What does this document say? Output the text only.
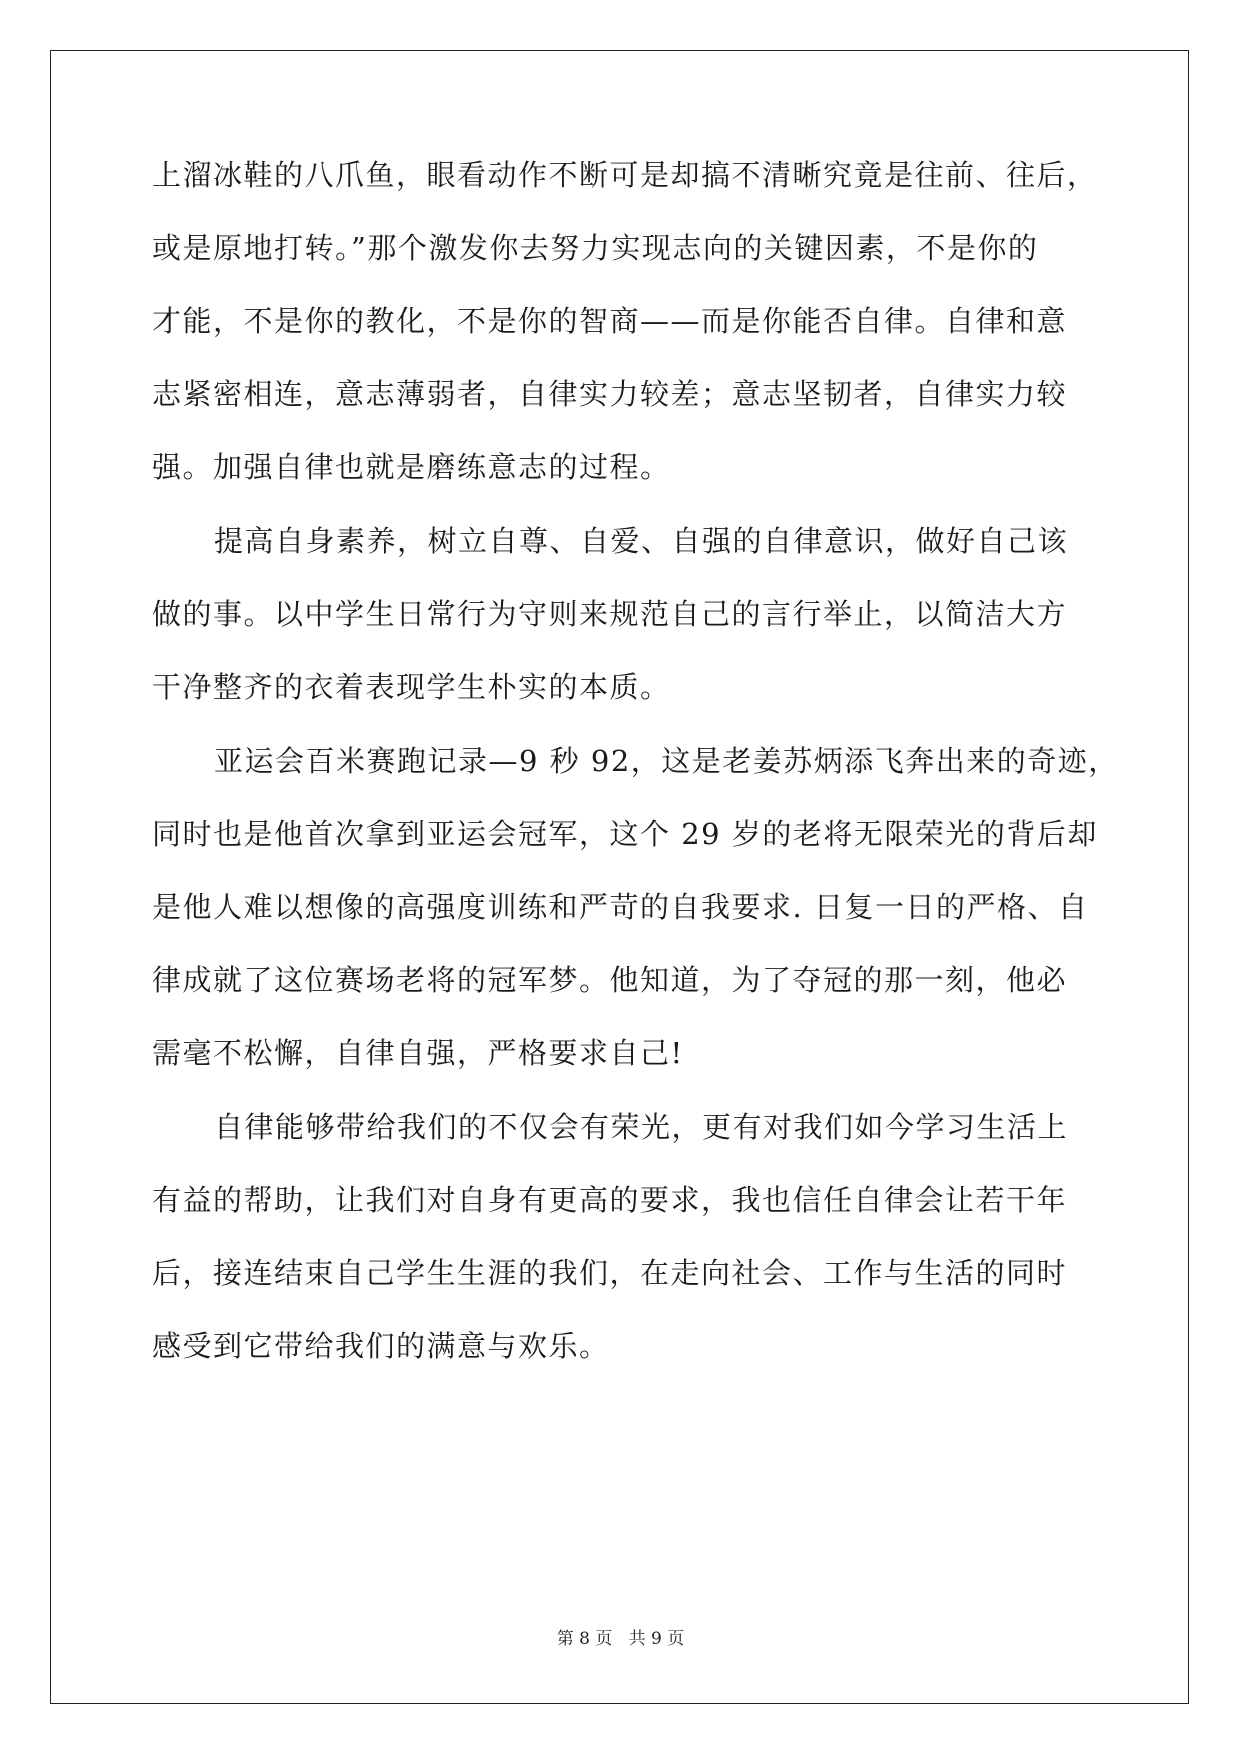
上溜冰鞋的八爪鱼，眼看动作不断可是却搞不清晰究竟是往前、往后，
或是原地打转。”那个激发你去努力实现志向的关键因素，不是你的
才能，不是你的教化，不是你的智商——而是你能否自律。自律和意
志紧密相连，意志薄弱者，自律实力较差；意志坚韧者，自律实力较
强。加强自律也就是磨练意志的过程。
提高自身素养，树立自尊、自爱、自强的自律意识，做好自己该
做的事。以中学生日常行为守则来规范自己的言行举止，以简洁大方
干净整齐的衣着表现学生朴实的本质。
亚运会百米赛跑记录—9 秒 92，这是老姜苏炳添飞奔出来的奇迹，
同时也是他首次拿到亚运会冠军，这个 29 岁的老将无限荣光的背后却
是他人难以想像的高强度训练和严苛的自我要求. 日复一日的严格、自
律成就了这位赛场老将的冠军梦。他知道，为了夺冠的那一刻，他必
需毫不松懈，自律自强，严格要求自己!
自律能够带给我们的不仅会有荣光，更有对我们如今学习生活上
有益的帮助，让我们对自身有更高的要求，我也信任自律会让若干年
后，接连结束自己学生生涯的我们，在走向社会、工作与生活的同时
感受到它带给我们的满意与欢乐。
第 8 页   共 9 页
